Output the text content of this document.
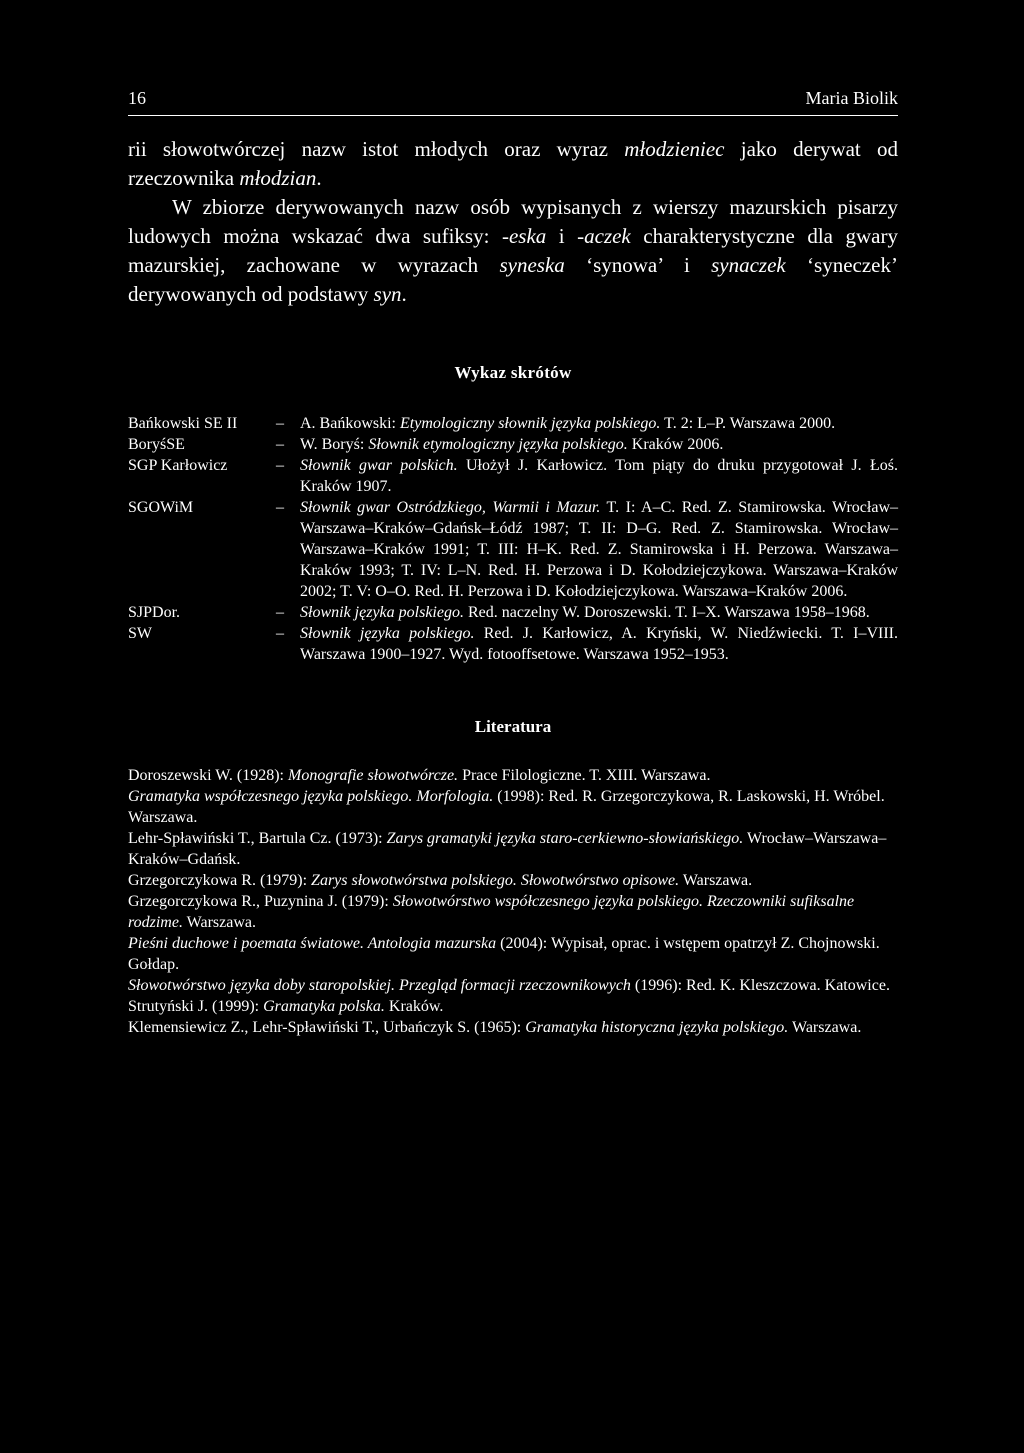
16	Maria Biolik

rii słowotwórczej nazw istot młodych oraz wyraz młodzieniec jako derywat od rzeczownika młodzian.

W zbiorze derywowanych nazw osób wypisanych z wierszy mazurskich pisarzy ludowych można wskazać dwa sufiksy: -eska i -aczek charakterystyczne dla gwary mazurskiej, zachowane w wyrazach syneska ‘synowa’ i synaczek ‘syneczek’ derywowanych od podstawy syn.

Wykaz skrótów
Bańkowski SE II	–	A. Bańkowski: Etymologiczny słownik języka polskiego. T. 2: L–P. Warszawa 2000.
BoryśSE	–	W. Boryś: Słownik etymologiczny języka polskiego. Kraków 2006.
SGP Karłowicz	–	Słownik gwar polskich. Ułożył J. Karłowicz. Tom piąty do druku przygotował J. Łoś. Kraków 1907.
SGOWiM	–	Słownik gwar Ostródzkiego, Warmii i Mazur. T. I: A–C. Red. Z. Stamirowska. Wrocław–Warszawa–Kraków–Gdańsk–Łódź 1987; T. II: D–G. Red. Z. Stamirowska. Wrocław–Warszawa–Kraków 1991; T. III: H–K. Red. Z. Stamirowska i H. Perzowa. Warszawa–Kraków 1993; T. IV: L–N. Red. H. Perzowa i D. Kołodziejczykowa. Warszawa–Kraków 2002; T. V: O–O. Red. H. Perzowa i D. Kołodziejczykowa. Warszawa–Kraków 2006.
SJPDor.	–	Słownik języka polskiego. Red. naczelny W. Doroszewski. T. I–X. Warszawa 1958–1968.
SW	–	Słownik języka polskiego. Red. J. Karłowicz, A. Kryński, W. Niedźwiecki. T. I–VIII. Warszawa 1900–1927. Wyd. fotooffsetowe. Warszawa 1952–1953.
Literatura

Doroszewski W. (1928): Monografie słowotwórcze. Prace Filologiczne. T. XIII. Warszawa.

Gramatyka współczesnego języka polskiego. Morfologia. (1998): Red. R. Grzegorczykowa, R. Laskowski, H. Wróbel. Warszawa.

Lehr-Spławiński T., Bartula Cz. (1973): Zarys gramatyki języka staro-cerkiewno-słowiańskiego. Wrocław–Warszawa–Kraków–Gdańsk.

Grzegorczykowa R. (1979): Zarys słowotwórstwa polskiego. Słowotwórstwo opisowe. Warszawa.

Grzegorczykowa R., Puzynina J. (1979): Słowotwórstwo współczesnego języka polskiego. Rzeczowniki sufiksalne rodzime. Warszawa.

Pieśni duchowe i poemata światowe. Antologia mazurska (2004): Wypisał, oprac. i wstępem opatrzył Z. Chojnowski. Gołdap.

Słowotwórstwo języka doby staropolskiej. Przegląd formacji rzeczownikowych (1996): Red. K. Kleszczowa. Katowice.

Strutyński J. (1999): Gramatyka polska. Kraków.

Klemensiewicz Z., Lehr-Spławiński T., Urbańczyk S. (1965): Gramatyka historyczna języka polskiego. Warszawa.
